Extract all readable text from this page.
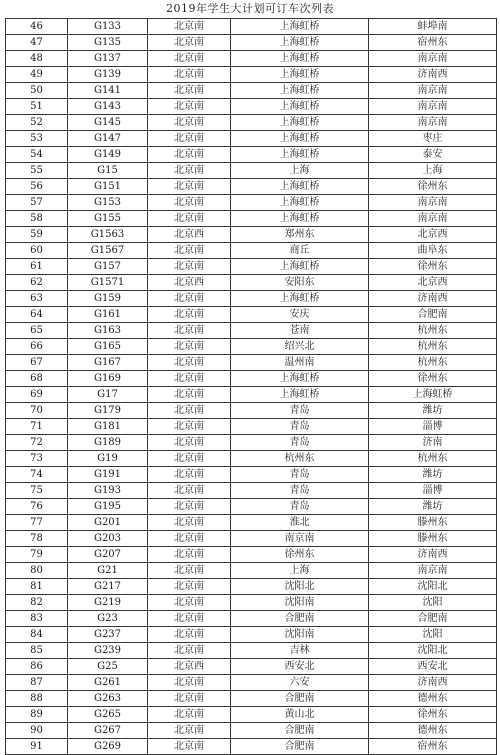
2019年学生大计划可订车次列表
46	G133	北京南	上海虹桥	蚌埠南
47	G135	北京南	上海虹桥	宿州东
48	G137	北京南	上海虹桥	南京南
49	G139	北京南	上海虹桥	济南西
50	G141	北京南	上海虹桥	南京南
51	G143	北京南	上海虹桥	南京南
52	G145	北京南	上海虹桥	南京南
53	G147	北京南	上海虹桥	枣庄
54	G149	北京南	上海虹桥	泰安
55	G15	北京南	上海	上海
56	G151	北京南	上海虹桥	徐州东
57	G153	北京南	上海虹桥	南京南
58	G155	北京南	上海虹桥	南京南
59	G1563	北京西	郑州东	北京西
60	G1567	北京南	商丘	曲阜东
61	G157	北京南	上海虹桥	徐州东
62	G1571	北京西	安阳东	北京西
63	G159	北京南	上海虹桥	济南西
64	G161	北京南	安庆	合肥南
65	G163	北京南	苍南	杭州东
66	G165	北京南	绍兴北	杭州东
67	G167	北京南	温州南	杭州东
68	G169	北京南	上海虹桥	徐州东
69	G17	北京南	上海虹桥	上海虹桥
70	G179	北京南	青岛	潍坊
71	G181	北京南	青岛	淄博
72	G189	北京南	青岛	济南
73	G19	北京南	杭州东	杭州东
74	G191	北京南	青岛	潍坊
75	G193	北京南	青岛	淄博
76	G195	北京南	青岛	潍坊
77	G201	北京南	淮北	滕州东
78	G203	北京南	南京南	滕州东
79	G207	北京南	徐州东	济南西
80	G21	北京南	上海	南京南
81	G217	北京南	沈阳北	沈阳北
82	G219	北京南	沈阳南	沈阳
83	G23	北京南	合肥南	合肥南
84	G237	北京南	沈阳南	沈阳
85	G239	北京南	吉林	沈阳北
86	G25	北京西	西安北	西安北
87	G261	北京南	六安	济南西
88	G263	北京南	合肥南	德州东
89	G265	北京南	黄山北	徐州东
90	G267	北京南	合肥南	德州东
91	G269	北京南	合肥南	宿州东
